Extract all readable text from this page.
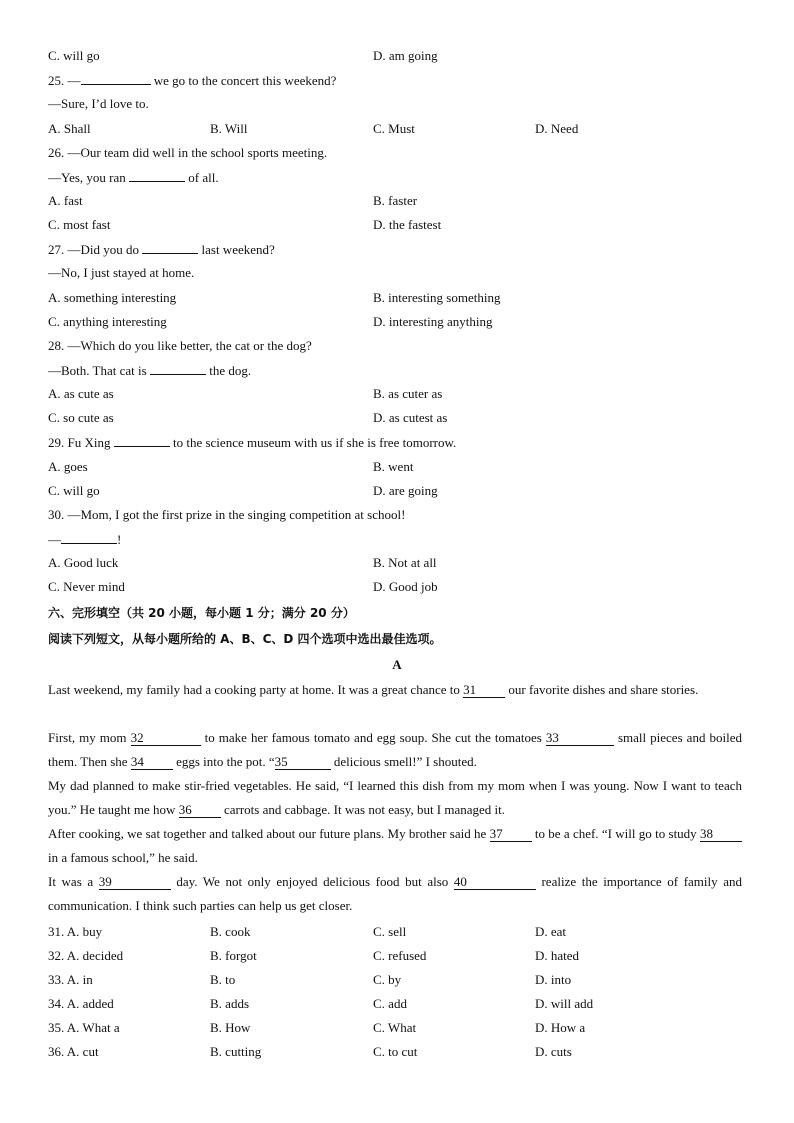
C. will go	D. am going
25. —	we go to the concert this weekend?
—Sure, I’d love to.
A. Shall	B. Will	C. Must	D. Need
26. —Our team did well in the school sports meeting.
—Yes, you ran	of all.
A. fast	B. faster
C. most fast	D. the fastest
27. —Did you do	last weekend?
—No, I just stayed at home.
A. something interesting	B. interesting something
C. anything interesting	D. interesting anything
28. —Which do you like better, the cat or the dog?
—Both. That cat is	the dog.
A. as cute as	B. as cuter as
C. so cute as	D. as cutest as
29. Fu Xing	to the science museum with us if she is free tomorrow.
A. goes	B. went
C. will go	D. are going
30. —Mom, I got the first prize in the singing competition at school!
—	!
A. Good luck	B. Not at all
C. Never mind	D. Good job
六、完形填空（共 20 小题，每小题 1 分；满分 20 分）
阅读下列短文，从每小题所给的 A、B、C、D 四个选项中选出最佳选项。
A
Last weekend, my family had a cooking party at home. It was a great chance to 31 our favorite dishes and share stories.
First, my mom 32	to make her famous tomato and egg soup. She cut the tomatoes 33	small pieces and boiled them. Then she 34 eggs into the pot. “35	delicious smell!” I shouted.
My dad planned to make stir-fried vegetables. He said, “I learned this dish from my mom when I was young. Now I want to teach you.” He taught me how 36 carrots and cabbage. It was not easy, but I managed it.
After cooking, we sat together and talked about our future plans. My brother said he 37 to be a chef. “I will go to study 38 in a famous school,” he said.
It was a 39	day. We not only enjoyed delicious food but also 40	realize the importance of family and communication. I think such parties can help us get closer.
31. A. buy	B. cook	C. sell	D. eat
32. A. decided	B. forgot	C. refused	D. hated
33. A. in	B. to	C. by	D. into
34. A. added	B. adds	C. add	D. will add
35. A. What a	B. How	C. What	D. How a
36. A. cut	B. cutting	C. to cut	D. cuts
